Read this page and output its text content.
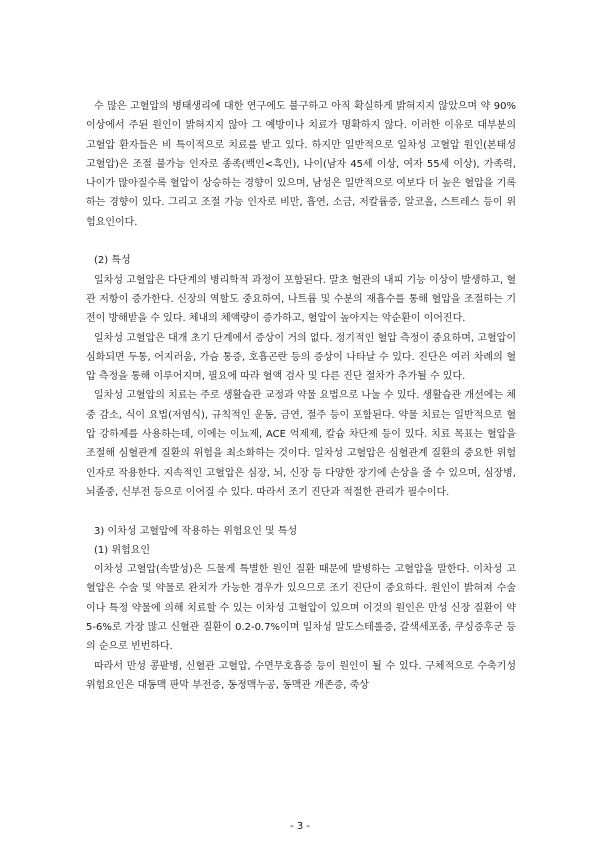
수 많은 고혈압의 병태생리에 대한 연구에도 불구하고 아직 확실하게 밝혀지지 않았으며 약 90% 이상에서 주된 원인이 밝혀지지 않아 그 예방이나 치료가 명확하지 않다. 이러한 이유로 대부분의 고혈압 환자들은 비 특이적으로 치료를 받고 있다. 하지만 일반적으로 일차성 고혈압 원인(본태성 고혈압)은 조절 불가능 인자로 종족(백인<흑인), 나이(남자 45세 이상, 여자 55세 이상), 가족력, 나이가 많아질수록 혈압이 상승하는 경향이 있으며, 남성은 일반적으로 여보다 더 높은 혈압을 기록하는 경향이 있다. 그리고 조절 가능 인자로 비만, 흡연, 소금, 저칼륨증, 알코올, 스트레스 등이 위험요인이다.

(2) 특성

일차성 고혈압은 다단계의 병리학적 과정이 포함된다. 말초 혈관의 내피 기능 이상이 발생하고, 혈관 저항이 증가한다. 신장의 역할도 중요하여, 나트륨 및 수분의 재흡수를 통해 혈압을 조절하는 기전이 방해받을 수 있다. 체내의 체액량이 증가하고, 혈압이 높아지는 악순환이 이어진다.

일차성 고혈압은 대개 초기 단계에서 증상이 거의 없다. 정기적인 혈압 측정이 중요하며, 고혈압이 심화되면 두통, 어지러움, 가슴 통증, 호흡곤란 등의 증상이 나타날 수 있다. 진단은 여러 차례의 혈압 측정을 통해 이루어지며, 필요에 따라 혈액 검사 및 다른 진단 절차가 추가될 수 있다.

일차성 고혈압의 치료는 주로 생활습관 교정과 약물 요법으로 나눌 수 있다. 생활습관 개선에는 체중 감소, 식이 요법(저염식), 규칙적인 운동, 금연, 절주 등이 포함된다. 약물 치료는 일반적으로 혈압 강하제를 사용하는데, 이에는 이뇨제, ACE 억제제, 칼슘 차단제 등이 있다. 치료 목표는 혈압을 조절해 심혈관계 질환의 위험을 최소화하는 것이다. 일차성 고혈압은 심혈관계 질환의 중요한 위험 인자로 작용한다. 지속적인 고혈압은 심장, 뇌, 신장 등 다양한 장기에 손상을 줄 수 있으며, 심장병, 뇌졸중, 신부전 등으로 이어질 수 있다. 따라서 조기 진단과 적절한 관리가 필수이다.

3) 이차성 고혈압에 작용하는 위험요인 및 특성

(1) 위험요인

이차성 고혈압(속발성)은 드물게 특별한 원인 질환 때문에 발병하는 고혈압을 말한다. 이차성 고혈압은 수술 및 약물로 완치가 가능한 경우가 있으므로 조기 진단이 중요하다. 원인이 밝혀져 수술이나 특정 약물에 의해 치료할 수 있는 이차성 고혈압이 있으며 이것의 원인은 만성 신장 질환이 약 5-6%로 가장 많고 신혈관 질환이 0.2-0.7%이며 일차성 알도스테롤증, 갈색세포종, 쿠싱증후군 등의 순으로 빈번하다.

따라서 만성 콩팥병, 신혈관 고혈압, 수면무호흡증 등이 원인이 될 수 있다. 구체적으로 수축기성 위험요인은 대동맥 판막 부전증, 동정맥누공, 동맥관 개존증, 죽상

- 3 -
